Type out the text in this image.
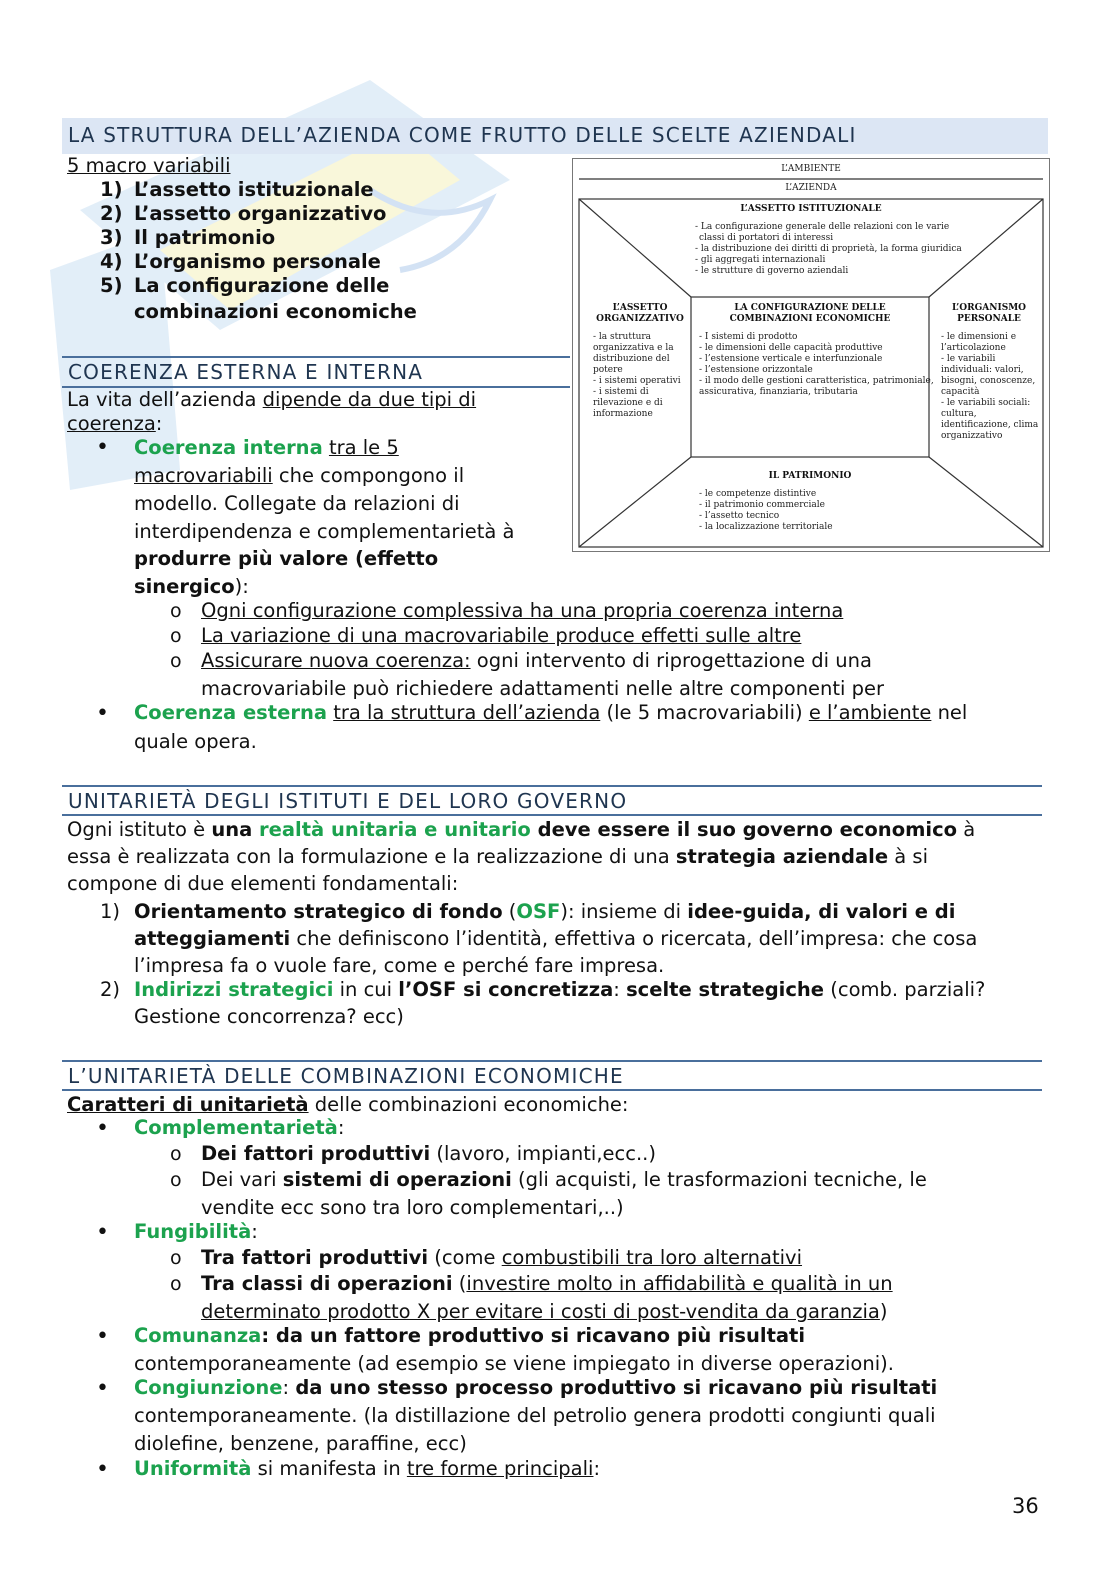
LA STRUTTURA DELL’AZIENDA COME FRUTTO DELLE SCELTE AZIENDALI
5 macro variabili
1) L’assetto istituzionale
2) L’assetto organizzativo
3) Il patrimonio
4) L’organismo personale
5) La configurazione delle
combinazioni economiche
L’AMBIENTE
L’AZIENDA
L’ASSETTO ISTITUZIONALE
- La configurazione generale delle relazioni con le varie
classi di portatori di interessi
- la distribuzione dei diritti di proprietà, la forma giuridica
- gli aggregati internazionali
- le strutture di governo aziendali
L’ASSETTO
ORGANIZZATIVO
- la struttura
organizzativa e la
distribuzione del
potere
- i sistemi operativi
- i sistemi di
rilevazione e di
informazione
LA CONFIGURAZIONE DELLE
COMBINAZIONI ECONOMICHE
- I sistemi di prodotto
- le dimensioni delle capacità produttive
- l’estensione verticale e interfunzionale
- l’estensione orizzontale
- il modo delle gestioni caratteristica, patrimoniale,
assicurativa, finanziaria, tributaria
L’ORGANISMO
PERSONALE
- le dimensioni e
l’articolazione
- le variabili
individuali: valori,
bisogni, conoscenze,
capacità
- le variabili sociali:
cultura,
identificazione, clima
organizzativo
IL PATRIMONIO
- le competenze distintive
- il patrimonio commerciale
- l’assetto tecnico
- la localizzazione territoriale
COERENZA ESTERNA E INTERNA
La vita dell’azienda dipende da due tipi di
coerenza:
• Coerenza interna tra le 5
macrovariabili che compongono il
modello. Collegate da relazioni di
interdipendenza e complementarietà à
produrre più valore (effetto
sinergico):
o Ogni configurazione complessiva ha una propria coerenza interna
o La variazione di una macrovariabile produce effetti sulle altre
o Assicurare nuova coerenza: ogni intervento di riprogettazione di una
macrovariabile può richiedere adattamenti nelle altre componenti per
• Coerenza esterna tra la struttura dell’azienda (le 5 macrovariabili) e l’ambiente nel
quale opera.
UNITARIETÀ DEGLI ISTITUTI E DEL LORO GOVERNO
Ogni istituto è una realtà unitaria e unitario deve essere il suo governo economico à
essa è realizzata con la formulazione e la realizzazione di una strategia aziendale à si
compone di due elementi fondamentali:
1) Orientamento strategico di fondo (OSF): insieme di idee-guida, di valori e di
atteggiamenti che definiscono l’identità, effettiva o ricercata, dell’impresa: che cosa
l’impresa fa o vuole fare, come e perché fare impresa.
2) Indirizzi strategici in cui l’OSF si concretizza: scelte strategiche (comb. parziali?
Gestione concorrenza? ecc)
L’UNITARIETÀ DELLE COMBINAZIONI ECONOMICHE
Caratteri di unitarietà delle combinazioni economiche:
• Complementarietà:
o Dei fattori produttivi (lavoro, impianti,ecc..)
o Dei vari sistemi di operazioni (gli acquisti, le trasformazioni tecniche, le
vendite ecc sono tra loro complementari,..)
• Fungibilità:
o Tra fattori produttivi (come combustibili tra loro alternativi
o Tra classi di operazioni (investire molto in affidabilità e qualità in un
determinato prodotto X per evitare i costi di post-vendita da garanzia)
• Comunanza: da un fattore produttivo si ricavano più risultati
contemporaneamente (ad esempio se viene impiegato in diverse operazioni).
• Congiunzione: da uno stesso processo produttivo si ricavano più risultati
contemporaneamente. (la distillazione del petrolio genera prodotti congiunti quali
diolefine, benzene, paraffine, ecc)
• Uniformità si manifesta in tre forme principali:
36
